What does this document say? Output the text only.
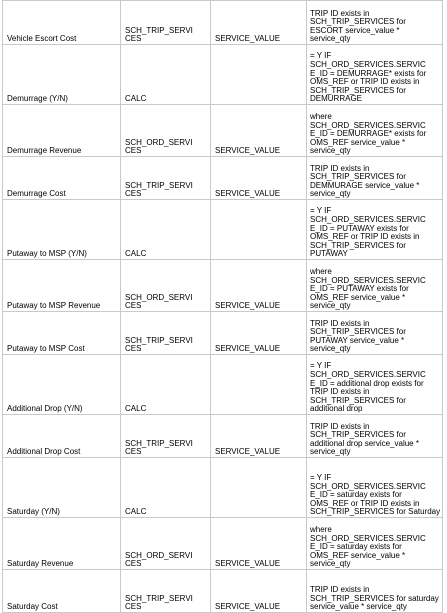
Vehicle Escort Cost	SCH_TRIP_SERVI CES	SERVICE_VALUE	TRIP ID exists in SCH_TRIP_SERVICES for ESCORT service_value * service_qty
Demurrage (Y/N)	CALC		= Y IF SCH_ORD_SERVICES.SERVIC E_ID = DEMURRAGE* exists for OMS_REF or TRIP ID exists in SCH_TRIP_SERVICES for DEMURRAGE
Demurrage Revenue	SCH_ORD_SERVI CES	SERVICE_VALUE	where SCH_ORD_SERVICES.SERVIC E_ID = DEMURRAGE* exists for OMS_REF service_value * service_qty
Demurrage Cost	SCH_TRIP_SERVI CES	SERVICE_VALUE	TRIP ID exists in SCH_TRIP_SERVICES for DEMMURAGE service_value * service_qty
Putaway to MSP (Y/N)	CALC		= Y IF SCH_ORD_SERVICES.SERVIC E_ID = PUTAWAY exists for OMS_REF or TRIP ID exists in SCH_TRIP_SERVICES for PUTAWAY
Putaway to MSP Revenue	SCH_ORD_SERVI CES	SERVICE_VALUE	where SCH_ORD_SERVICES.SERVIC E_ID = PUTAWAY exists for OMS_REF service_value * service_qty
Putaway to MSP Cost	SCH_TRIP_SERVI CES	SERVICE_VALUE	TRIP ID exists in SCH_TRIP_SERVICES for PUTAWAY service_value * service_qty
Additional Drop (Y/N)	CALC		= Y IF SCH_ORD_SERVICES.SERVIC E_ID = additional drop exists for TRIP ID exists in SCH_TRIP_SERVICES for additional drop
Additional Drop Cost	SCH_TRIP_SERVI CES	SERVICE_VALUE	TRIP ID exists in SCH_TRIP_SERVICES for additional drop service_value * service_qty
Saturday (Y/N)	CALC		= Y IF SCH_ORD_SERVICES.SERVIC E_ID = saturday exists for OMS_REF or TRIP ID exists in SCH_TRIP_SERVICES for Saturday
Saturday Revenue	SCH_ORD_SERVI CES	SERVICE_VALUE	where SCH_ORD_SERVICES.SERVIC E_ID = saturday exists for OMS_REF service_value * service_qty
Saturday Cost	SCH_TRIP_SERVI CES	SERVICE_VALUE	TRIP ID exists in SCH_TRIP_SERVICES for saturday service_value * service_qty
